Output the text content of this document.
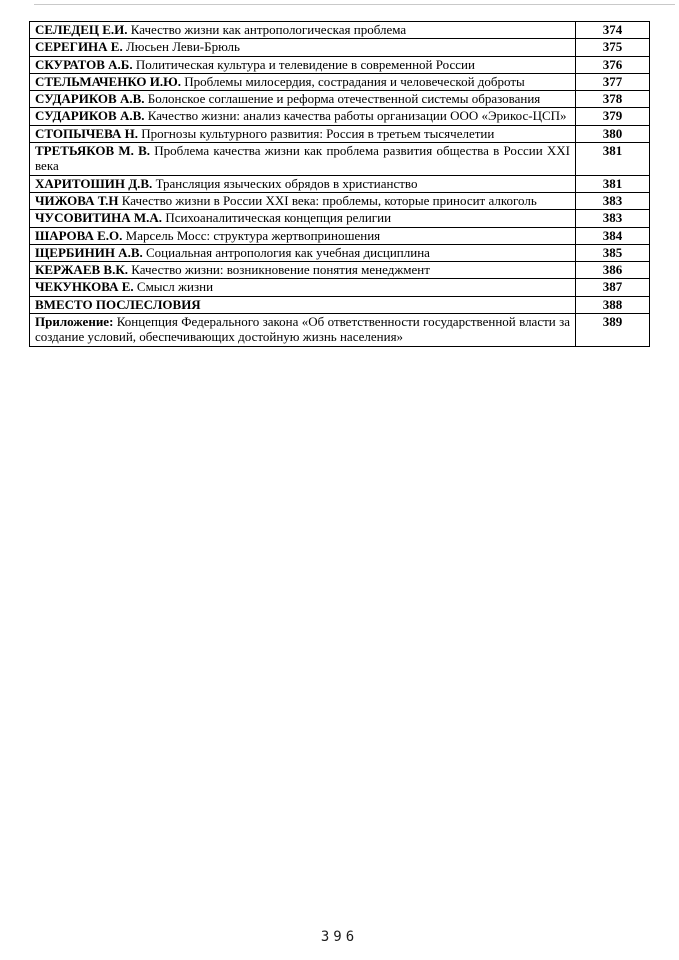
СЕЛЕДЕЦ Е.И. Качество жизни как антропологическая проблема	374
СЕРЕГИНА Е. Люсьен Леви-Брюль	375
СКУРАТОВ А.Б. Политическая культура и телевидение в современной России	376
СТЕЛЬМАЧЕНКО И.Ю. Проблемы милосердия, сострадания и человеческой доброты	377
СУДАРИКОВ А.В. Болонское соглашение и реформа отечественной системы образования	378
СУДАРИКОВ А.В. Качество жизни: анализ качества работы организации ООО «Эрикос-ЦСП»	379
СТОПЫЧЕВА Н. Прогнозы культурного развития: Россия в третьем тысячелетии	380
ТРЕТЬЯКОВ М. В. Проблема качества жизни как проблема развития общества в России XXI века	381
ХАРИТОШИН Д.В. Трансляция языческих обрядов в христианство	381
ЧИЖОВА Т.Н Качество жизни в России XXI века: проблемы, которые приносит алкоголь	383
ЧУСОВИТИНА М.А. Психоаналитическая концепция религии	383
ШАРОВА Е.О. Марсель Мосс: структура жертвоприношения	384
ЩЕРБИНИН А.В. Социальная антропология как учебная дисциплина	385
КЕРЖАЕВ В.К. Качество жизни: возникновение понятия менеджмент	386
ЧЕКУНКОВА Е. Смысл жизни	387
ВМЕСТО ПОСЛЕСЛОВИЯ	388
Приложение: Концепция Федерального закона «Об ответственности государственной власти за создание условий, обеспечивающих достойную жизнь населения»	389
396
